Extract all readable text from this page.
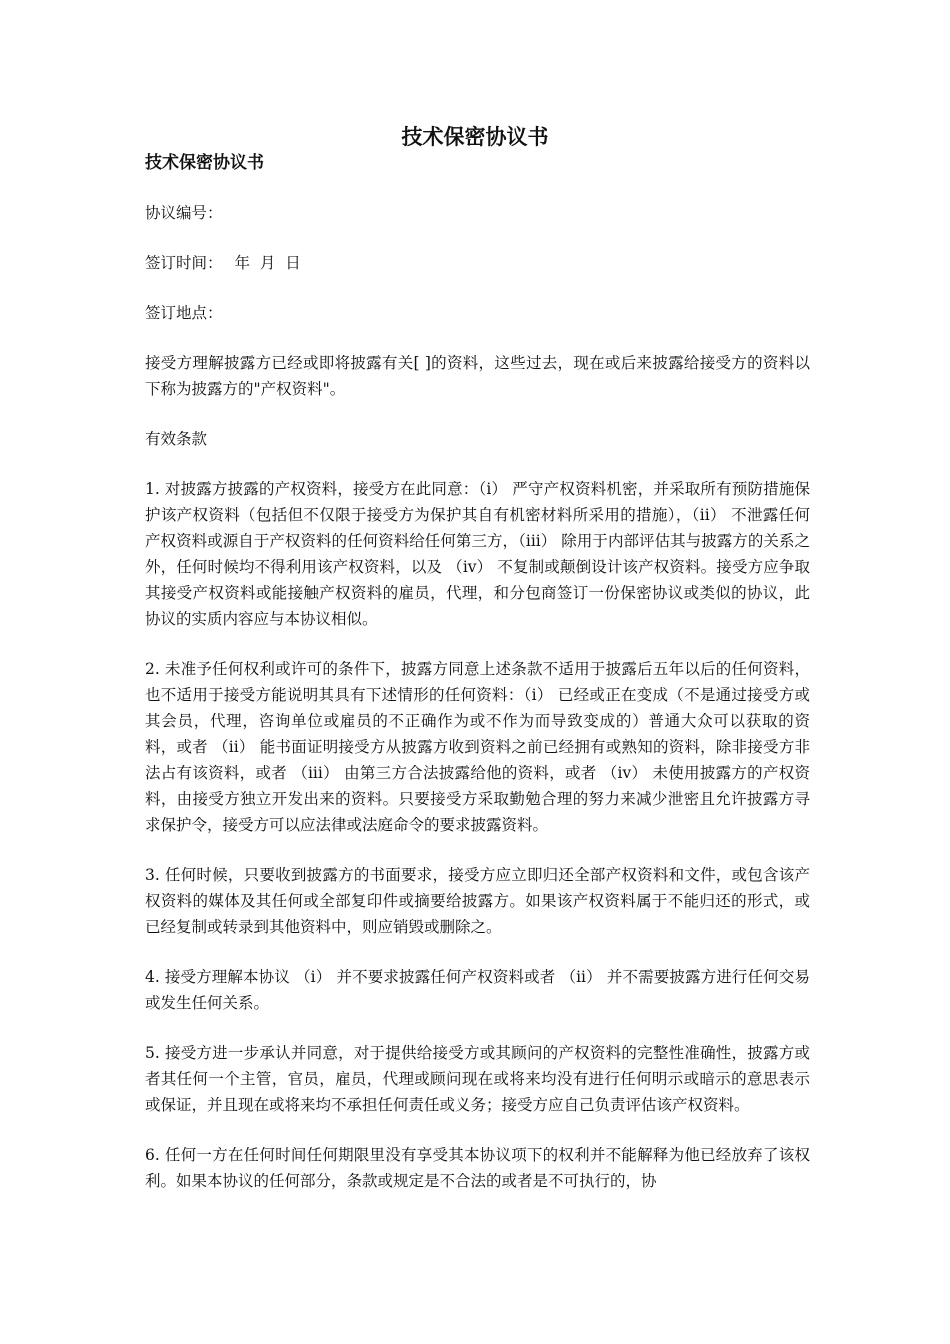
技术保密协议书
技术保密协议书
协议编号：
签订时间： 年  月  日
签订地点：
接受方理解披露方已经或即将披露有关[ ]的资料，这些过去，现在或后来披露给接受方的资料以下称为披露方的"产权资料"。
有效条款
1. 对披露方披露的产权资料，接受方在此同意：（i） 严守产权资料机密，并采取所有预防措施保护该产权资料（包括但不仅限于接受方为保护其自有机密材料所采用的措施），（ii） 不泄露任何产权资料或源自于产权资料的任何资料给任何第三方，（iii） 除用于内部评估其与披露方的关系之外，任何时候均不得利用该产权资料，以及 （iv） 不复制或颠倒设计该产权资料。接受方应争取其接受产权资料或能接触产权资料的雇员，代理，和分包商签订一份保密协议或类似的协议，此协议的实质内容应与本协议相似。
2. 未准予任何权利或许可的条件下，披露方同意上述条款不适用于披露后五年以后的任何资料，也不适用于接受方能说明其具有下述情形的任何资料：（i） 已经或正在变成（不是通过接受方或其会员，代理，咨询单位或雇员的不正确作为或不作为而导致变成的）普通大众可以获取的资料，或者 （ii） 能书面证明接受方从披露方收到资料之前已经拥有或熟知的资料，除非接受方非法占有该资料，或者 （iii） 由第三方合法披露给他的资料，或者 （iv） 未使用披露方的产权资料，由接受方独立开发出来的资料。只要接受方采取勤勉合理的努力来减少泄密且允许披露方寻求保护令，接受方可以应法律或法庭命令的要求披露资料。
3. 任何时候，只要收到披露方的书面要求，接受方应立即归还全部产权资料和文件，或包含该产权资料的媒体及其任何或全部复印件或摘要给披露方。如果该产权资料属于不能归还的形式，或已经复制或转录到其他资料中，则应销毁或删除之。
4. 接受方理解本协议 （i） 并不要求披露任何产权资料或者 （ii） 并不需要披露方进行任何交易或发生任何关系。
5. 接受方进一步承认并同意，对于提供给接受方或其顾问的产权资料的完整性准确性，披露方或者其任何一个主管，官员，雇员，代理或顾问现在或将来均没有进行任何明示或暗示的意思表示或保证，并且现在或将来均不承担任何责任或义务；接受方应自己负责评估该产权资料。
6. 任何一方在任何时间任何期限里没有享受其本协议项下的权利并不能解释为他已经放弃了该权利。如果本协议的任何部分，条款或规定是不合法的或者是不可执行的，协
